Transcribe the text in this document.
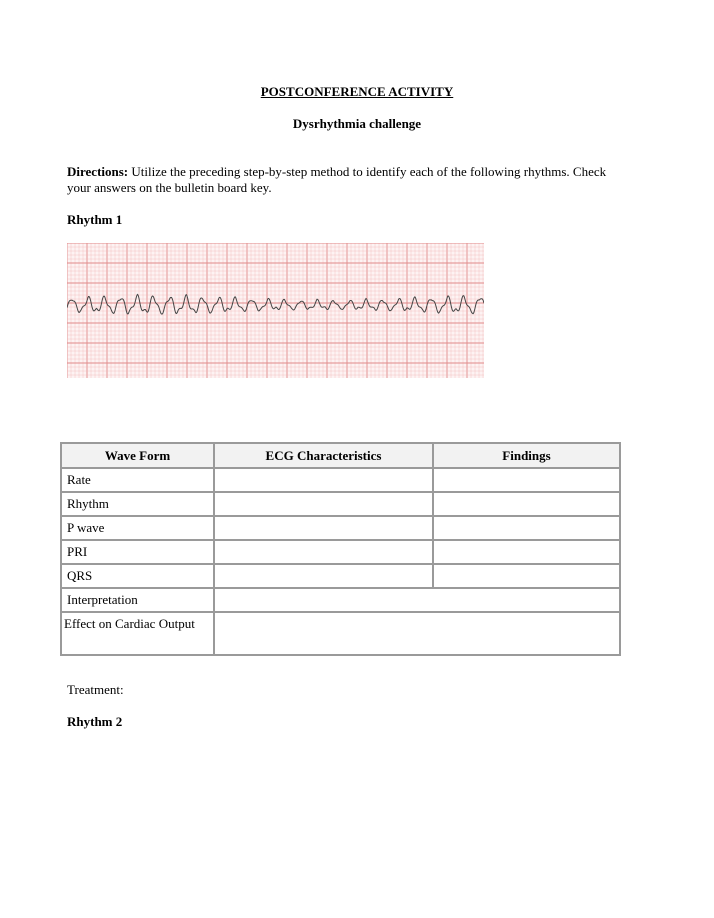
POSTCONFERENCE ACTIVITY
Dysrhythmia challenge
Directions: Utilize the preceding step-by-step method to identify each of the following rhythms. Check your answers on the bulletin board key.
Rhythm 1
Wave Form	ECG Characteristics	Findings
Rate		
Rhythm		
P wave		
PRI		
QRS		
Interpretation		
Effect on Cardiac Output		
Treatment:
Rhythm 2
